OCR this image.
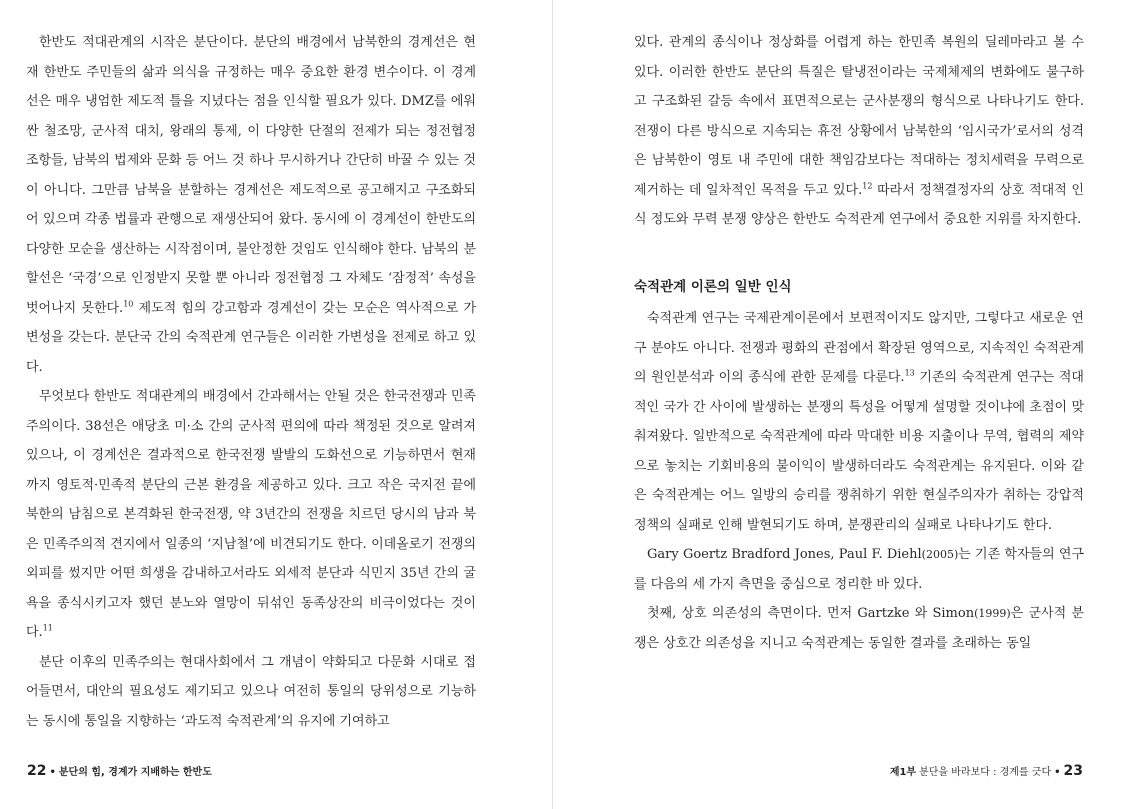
한반도 적대관계의 시작은 분단이다. 분단의 배경에서 남북한의 경계선은 현재 한반도 주민들의 삶과 의식을 규정하는 매우 중요한 환경 변수이다. 이 경계선은 매우 냉엄한 제도적 틀을 지녔다는 점을 인식할 필요가 있다. DMZ를 에워싼 철조망, 군사적 대치, 왕래의 통제, 이 다양한 단절의 전제가 되는 정전협정 조항들, 남북의 법제와 문화 등 어느 것 하나 무시하거나 간단히 바꿀 수 있는 것이 아니다. 그만큼 남북을 분할하는 경계선은 제도적으로 공고해지고 구조화되어 있으며 각종 법률과 관행으로 재생산되어 왔다. 동시에 이 경계선이 한반도의 다양한 모순을 생산하는 시작점이며, 불안정한 것임도 인식해야 한다. 남북의 분할선은 ‘국경’으로 인정받지 못할 뿐 아니라 정전협정 그 자체도 ‘잠정적’ 속성을 벗어나지 못한다.$^{10}$ 제도적 힘의 강고함과 경계선이 갖는 모순은 역사적으로 가변성을 갖는다. 분단국 간의 숙적관계 연구들은 이러한 가변성을 전제로 하고 있다.

무엇보다 한반도 적대관계의 배경에서 간과해서는 안될 것은 한국전쟁과 민족주의이다. 38선은 애당초 미·소 간의 군사적 편의에 따라 책정된 것으로 알려져 있으나, 이 경계선은 결과적으로 한국전쟁 발발의 도화선으로 기능하면서 현재까지 영토적·민족적 분단의 근본 환경을 제공하고 있다. 크고 작은 국지전 끝에 북한의 남침으로 본격화된 한국전쟁, 약 3년간의 전쟁을 치르던 당시의 남과 북은 민족주의적 견지에서 일종의 ‘지남철’에 비견되기도 한다. 이데올로기 전쟁의 외피를 썼지만 어떤 희생을 감내하고서라도 외세적 분단과 식민지 35년 간의 굴욕을 종식시키고자 했던 분노와 열망이 뒤섞인 동족상잔의 비극이었다는 것이다.$^{11}$

분단 이후의 민족주의는 현대사회에서 그 개념이 약화되고 다문화 시대로 접어들면서, 대안의 필요성도 제기되고 있으나 여전히 통일의 당위성으로 기능하는 동시에 통일을 지향하는 ‘과도적 숙적관계’의 유지에 기여하고

22 • 분단의 힘, 경계가 지배하는 한반도

있다. 관계의 종식이나 정상화를 어렵게 하는 한민족 복원의 딜레마라고 볼 수 있다. 이러한 한반도 분단의 특질은 탈냉전이라는 국제체제의 변화에도 불구하고 구조화된 갈등 속에서 표면적으로는 군사분쟁의 형식으로 나타나기도 한다. 전쟁이 다른 방식으로 지속되는 휴전 상황에서 남북한의 ‘임시국가’로서의 성격은 남북한이 영토 내 주민에 대한 책임감보다는 적대하는 정치세력을 무력으로 제거하는 데 일차적인 목적을 두고 있다.$^{12}$ 따라서 정책결정자의 상호 적대적 인식 정도와 무력 분쟁 양상은 한반도 숙적관계 연구에서 중요한 지위를 차지한다.

숙적관계 이론의 일반 인식

숙적관계 연구는 국제관계이론에서 보편적이지도 않지만, 그렇다고 새로운 연구 분야도 아니다. 전쟁과 평화의 관점에서 확장된 영역으로, 지속적인 숙적관계의 원인분석과 이의 종식에 관한 문제를 다룬다.$^{13}$ 기존의 숙적관계 연구는 적대적인 국가 간 사이에 발생하는 분쟁의 특성을 어떻게 설명할 것이냐에 초점이 맞춰져왔다. 일반적으로 숙적관계에 따라 막대한 비용 지출이나 무역, 협력의 제약으로 놓치는 기회비용의 불이익이 발생하더라도 숙적관계는 유지된다. 이와 같은 숙적관계는 어느 일방의 승리를 쟁취하기 위한 현실주의자가 취하는 강압적 정책의 실패로 인해 발현되기도 하며, 분쟁관리의 실패로 나타나기도 한다.

Gary Goertz Bradford Jones, Paul F. Diehl(2005)는 기존 학자들의 연구를 다음의 세 가지 측면을 중심으로 정리한 바 있다.

첫째, 상호 의존성의 측면이다. 먼저 Gartzke 와 Simon(1999)은 군사적 분쟁은 상호간 의존성을 지니고 숙적관계는 동일한 결과를 초래하는 동일

제1부 분단을 바라보다 : 경계를 긋다 • 23
